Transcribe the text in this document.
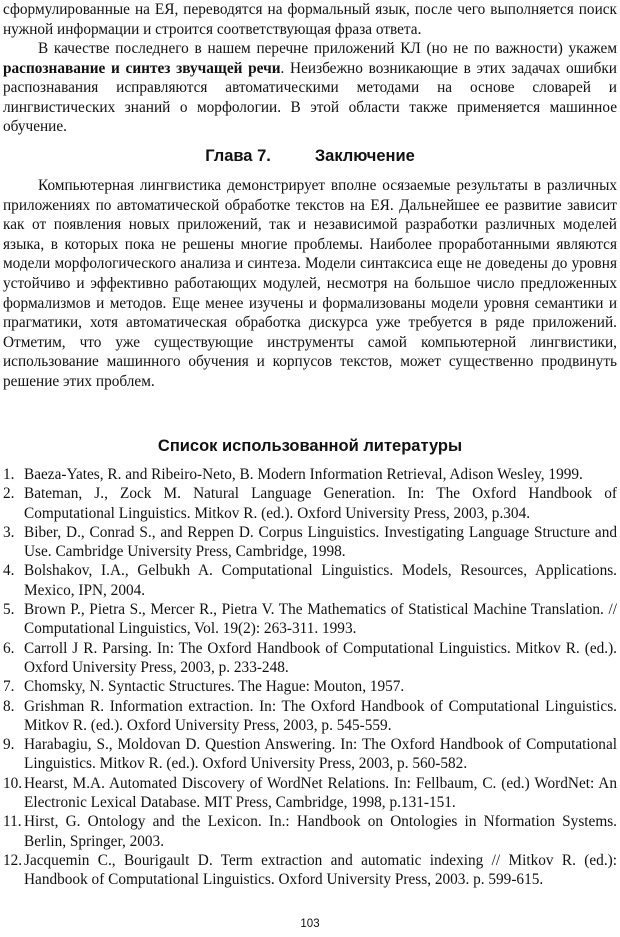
сформулированные на ЕЯ, переводятся на формальный язык, после чего выполняется поиск нужной информации и строится соответствующая фраза ответа.

В качестве последнего в нашем перечне приложений КЛ (но не по важности) укажем распознавание и синтез звучащей речи. Неизбежно возникающие в этих задачах ошибки распознавания исправляются автоматическими методами на основе словарей и лингвистических знаний о морфологии. В этой области также применяется машинное обучение.

Глава 7.	Заключение

Компьютерная лингвистика демонстрирует вполне осязаемые результаты в различных приложениях по автоматической обработке текстов на ЕЯ. Дальнейшее ее развитие зависит как от появления новых приложений, так и независимой разработки различных моделей языка, в которых пока не решены многие проблемы. Наиболее проработанными являются модели морфологического анализа и синтеза. Модели синтаксиса еще не доведены до уровня устойчиво и эффективно работающих модулей, несмотря на большое число предложенных формализмов и методов. Еще менее изучены и формализованы модели уровня семантики и прагматики, хотя автоматическая обработка дискурса уже требуется в ряде приложений. Отметим, что уже существующие инструменты самой компьютерной лингвистики, использование машинного обучения и корпусов текстов, может существенно продвинуть решение этих проблем.

Список использованной литературы
1. Baeza-Yates, R. and Ribeiro-Neto, B. Modern Information Retrieval, Adison Wesley, 1999.
2. Bateman, J., Zock M. Natural Language Generation. In: The Oxford Handbook of Computational Linguistics. Mitkov R. (ed.). Oxford University Press, 2003, p.304.
3. Biber, D., Conrad S., and Reppen D. Corpus Linguistics. Investigating Language Structure and Use. Cambridge University Press, Cambridge, 1998.
4. Bolshakov, I.A., Gelbukh A. Computational Linguistics. Models, Resources, Applications. Mexico, IPN, 2004.
5. Brown P., Pietra S., Mercer R., Pietra V. The Mathematics of Statistical Machine Translation. // Computational Linguistics, Vol. 19(2): 263-311. 1993.
6. Carroll J R. Parsing. In: The Oxford Handbook of Computational Linguistics. Mitkov R. (ed.). Oxford University Press, 2003, p. 233-248.
7. Chomsky, N. Syntactic Structures. The Hague: Mouton, 1957.
8. Grishman R. Information extraction. In: The Oxford Handbook of Computational Linguistics. Mitkov R. (ed.). Oxford University Press, 2003, p. 545-559.
9. Harabagiu, S., Moldovan D. Question Answering. In: The Oxford Handbook of Computational Linguistics. Mitkov R. (ed.). Oxford University Press, 2003, p. 560-582.
10. Hearst, M.A. Automated Discovery of WordNet Relations. In: Fellbaum, C. (ed.) WordNet: An Electronic Lexical Database. MIT Press, Cambridge, 1998, p.131-151.
11. Hirst, G. Ontology and the Lexicon. In.: Handbook on Ontologies in Nformation Systems. Berlin, Springer, 2003.
12. Jacquemin C., Bourigault D. Term extraction and automatic indexing // Mitkov R. (ed.): Handbook of Computational Linguistics. Oxford University Press, 2003. p. 599-615.
103
